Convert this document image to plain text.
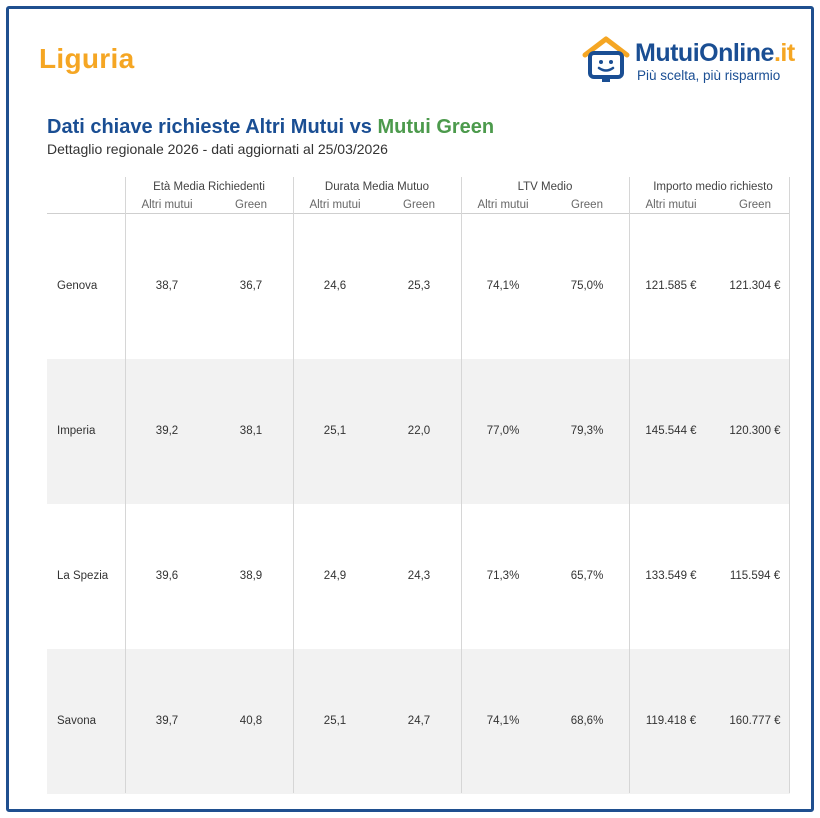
Liguria	MutuiOnline.it
Più scelta, più risparmio
Dati chiave richieste Altri Mutui vs Mutui Green
Dettaglio regionale 2026 - dati aggiornati al 25/03/2026
Genova	38,7	36,7	24,6	25,3	74,1%	75,0%	121.585 €	121.304 €
Imperia	39,2	38,1	25,1	22,0	77,0%	79,3%	145.544 €	120.300 €
La Spezia	39,6	38,9	24,9	24,3	71,3%	65,7%	133.549 €	115.594 €
Savona	39,7	40,8	25,1	24,7	74,1%	68,6%	119.418 €	160.777 €
Età Media Richiedenti	Durata Media Mutuo	LTV Medio	Importo medio richiesto
Altri mutui	Green	Altri mutui	Green	Altri mutui	Green	Altri mutui	Green
